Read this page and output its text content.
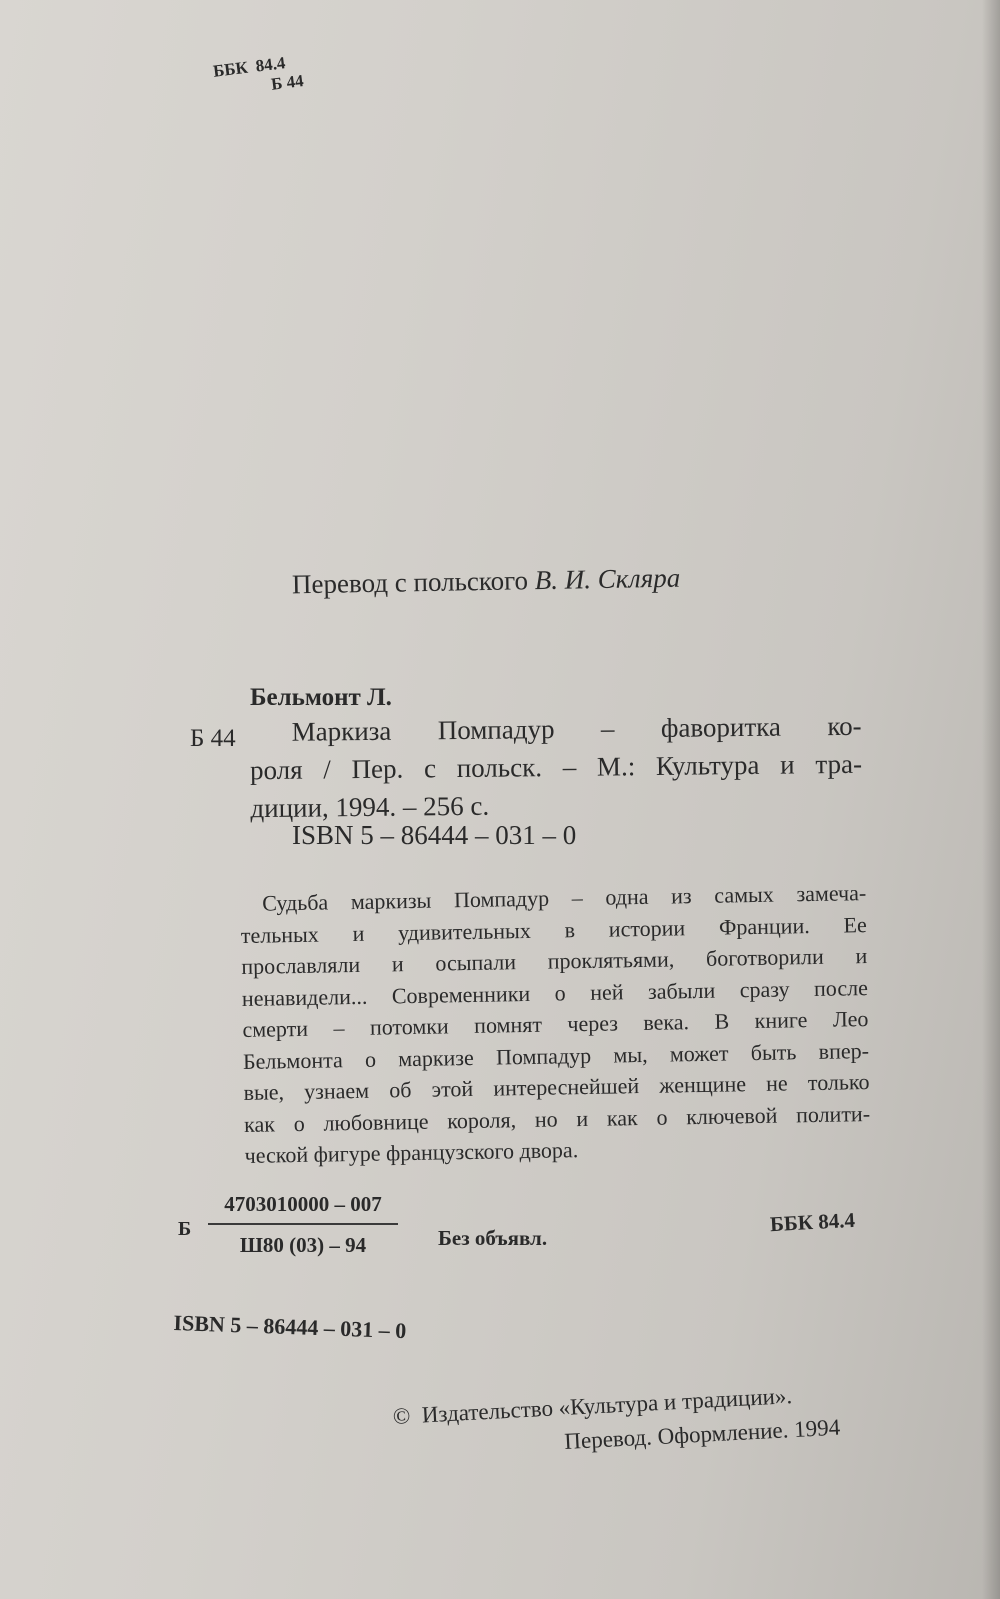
ББК 84.4
Б 44
Перевод с польского В. И. Скляра
Бельмонт Л.
Б 44	Маркиза Помпадур – фаворитка ко-

роля / Пер. с польск. – М.: Культура и тра-

диции, 1994. – 256 с.

ISBN 5 – 86444 – 031 – 0

Судьба маркизы Помпадур – одна из самых замеча-

тельных и удивительных в истории Франции. Ее

прославляли и осыпали проклятьями, боготворили и

ненавидели... Современники о ней забыли сразу после

смерти – потомки помнят через века. В книге Лео

Бельмонта о маркизе Помпадур мы, может быть впер-

вые, узнаем об этой интереснейшей женщине не только

как о любовнице короля, но и как о ключевой полити-

ческой фигуре французского двора.

Б
4703010000 – 007
Ш80 (03) – 94	Без объявл.
ББК 84.4
ISBN 5 – 86444 – 031 – 0
© Издательство «Культура и традиции».
Перевод. Оформление. 1994
